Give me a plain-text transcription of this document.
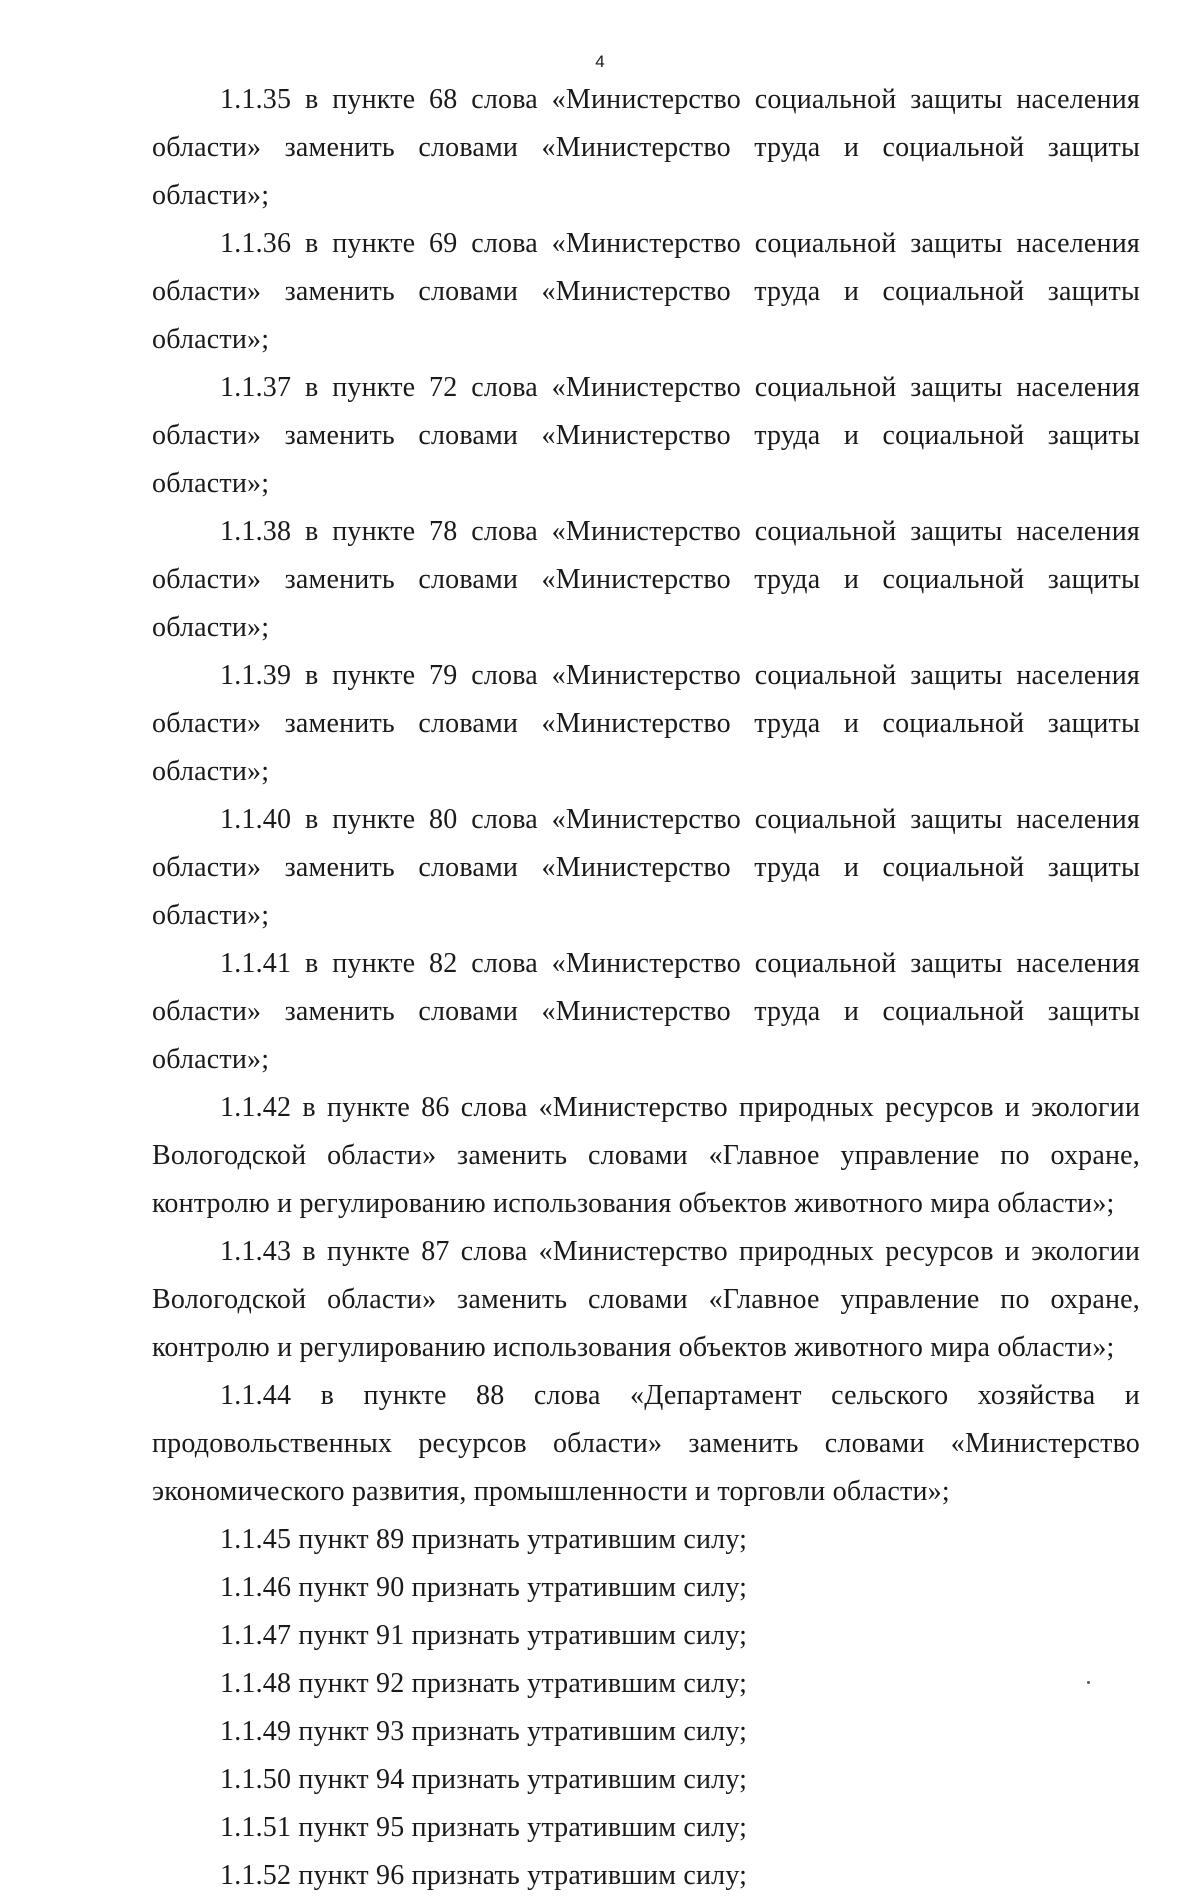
4

1.1.35 в пункте 68 слова «Министерство социальной защиты населения области» заменить словами «Министерство труда и социальной защиты области»;

1.1.36 в пункте 69 слова «Министерство социальной защиты населения области» заменить словами «Министерство труда и социальной защиты области»;

1.1.37 в пункте 72 слова «Министерство социальной защиты населения области» заменить словами «Министерство труда и социальной защиты области»;

1.1.38 в пункте 78 слова «Министерство социальной защиты населения области» заменить словами «Министерство труда и социальной защиты области»;

1.1.39 в пункте 79 слова «Министерство социальной защиты населения области» заменить словами «Министерство труда и социальной защиты области»;

1.1.40 в пункте 80 слова «Министерство социальной защиты населения области» заменить словами «Министерство труда и социальной защиты области»;

1.1.41 в пункте 82 слова «Министерство социальной защиты населения области» заменить словами «Министерство труда и социальной защиты области»;

1.1.42 в пункте 86 слова «Министерство природных ресурсов и экологии Вологодской области» заменить словами «Главное управление по охране, контролю и регулированию использования объектов животного мира области»;

1.1.43 в пункте 87 слова «Министерство природных ресурсов и экологии Вологодской области» заменить словами «Главное управление по охране, контролю и регулированию использования объектов животного мира области»;

1.1.44 в пункте 88 слова «Департамент сельского хозяйства и продовольственных ресурсов области» заменить словами «Министерство экономического развития, промышленности и торговли области»;

1.1.45 пункт 89 признать утратившим силу;

1.1.46 пункт 90 признать утратившим силу;

1.1.47 пункт 91 признать утратившим силу;

1.1.48 пункт 92 признать утратившим силу;

1.1.49 пункт 93 признать утратившим силу;

1.1.50 пункт 94 признать утратившим силу;

1.1.51 пункт 95 признать утратившим силу;

1.1.52 пункт 96 признать утратившим силу;
